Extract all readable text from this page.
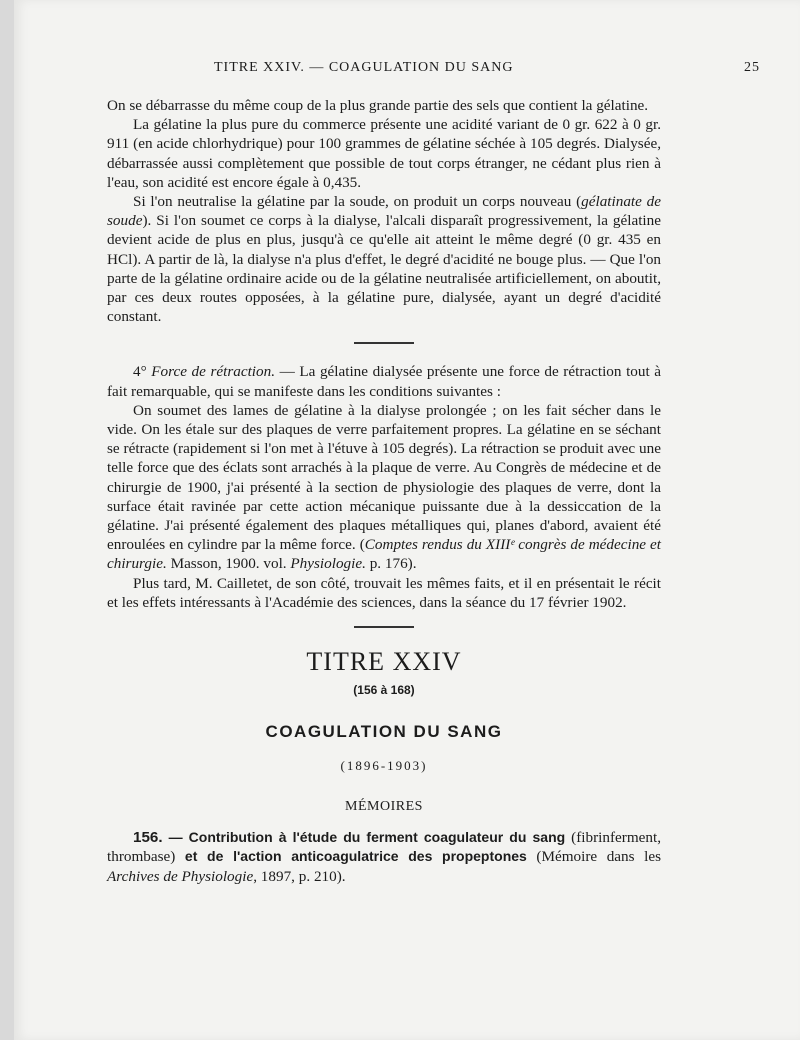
TITRE XXIV. — COAGULATION DU SANG	25

On se débarrasse du même coup de la plus grande partie des sels que contient la gélatine.

La gélatine la plus pure du commerce présente une acidité variant de 0 gr. 622 à 0 gr. 911 (en acide chlorhydrique) pour 100 grammes de gélatine séchée à 105 degrés. Dialysée, débarrassée aussi complètement que possible de tout corps étranger, ne cédant plus rien à l'eau, son acidité est encore égale à 0,435.

Si l'on neutralise la gélatine par la soude, on produit un corps nouveau (gélatinate de soude). Si l'on soumet ce corps à la dialyse, l'alcali disparaît progressivement, la gélatine devient acide de plus en plus, jusqu'à ce qu'elle ait atteint le même degré (0 gr. 435 en HCl). A partir de là, la dialyse n'a plus d'effet, le degré d'acidité ne bouge plus. — Que l'on parte de la gélatine ordinaire acide ou de la gélatine neutralisée artificiellement, on aboutit, par ces deux routes opposées, à la gélatine pure, dialysée, ayant un degré d'acidité constant.

4° Force de rétraction. — La gélatine dialysée présente une force de rétraction tout à fait remarquable, qui se manifeste dans les conditions suivantes :

On soumet des lames de gélatine à la dialyse prolongée ; on les fait sécher dans le vide. On les étale sur des plaques de verre parfaitement propres. La gélatine en se séchant se rétracte (rapidement si l'on met à l'étuve à 105 degrés). La rétraction se produit avec une telle force que des éclats sont arrachés à la plaque de verre. Au Congrès de médecine et de chirurgie de 1900, j'ai présenté à la section de physiologie des plaques de verre, dont la surface était ravinée par cette action mécanique puissante due à la dessiccation de la gélatine. J'ai présenté également des plaques métalliques qui, planes d'abord, avaient été enroulées en cylindre par la même force. (Comptes rendus du XIIIᵉ congrès de médecine et chirurgie. Masson, 1900. vol. Physiologie. p. 176).

Plus tard, M. Cailletet, de son côté, trouvait les mêmes faits, et il en présentait le récit et les effets intéressants à l'Académie des sciences, dans la séance du 17 février 1902.

TITRE XXIV
(156 à 168)
COAGULATION DU SANG
(1896-1903)
MÉMOIRES

156. — Contribution à l'étude du ferment coagulateur du sang (fibrinferment, thrombase) et de l'action anticoagulatrice des propeptones (Mémoire dans les Archives de Physiologie, 1897, p. 210).
